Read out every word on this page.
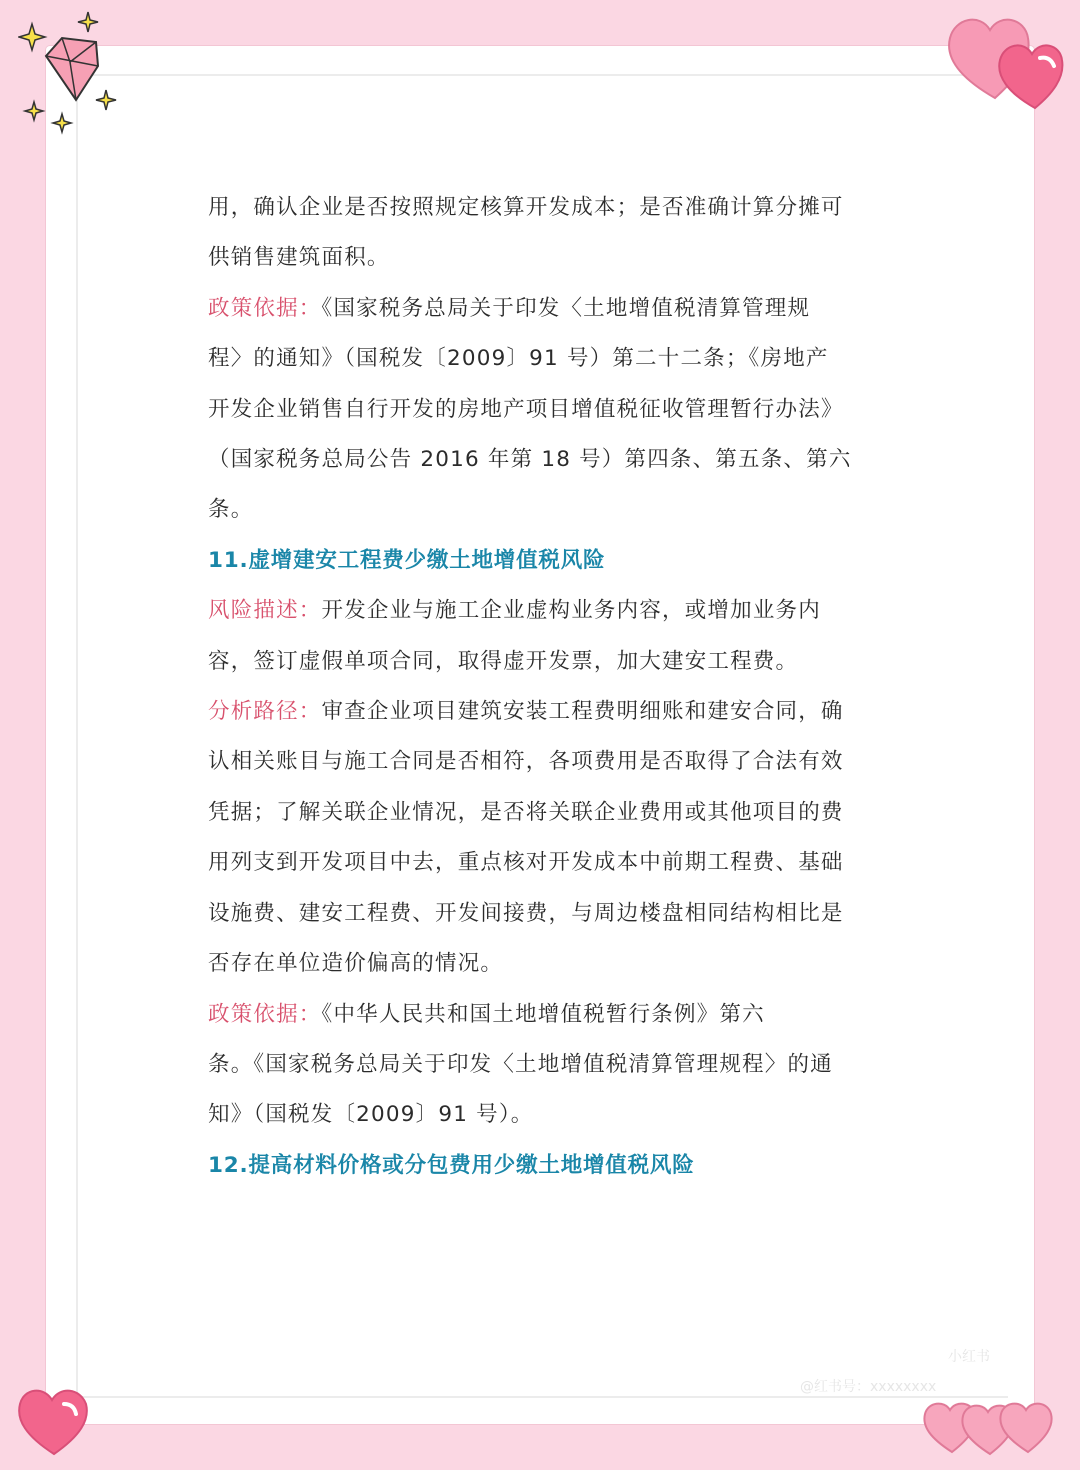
用，确认企业是否按照规定核算开发成本；是否准确计算分摊可

供销售建筑面积。

政策依据：《国家税务总局关于印发〈土地增值税清算管理规

程〉的通知》（国税发〔2009〕91 号）第二十二条；《房地产

开发企业销售自行开发的房地产项目增值税征收管理暂行办法》

（国家税务总局公告 2016 年第 18 号）第四条、第五条、第六

条。

11.虚增建安工程费少缴土地增值税风险

风险描述：开发企业与施工企业虚构业务内容，或增加业务内

容，签订虚假单项合同，取得虚开发票，加大建安工程费。

分析路径：审查企业项目建筑安装工程费明细账和建安合同，确

认相关账目与施工合同是否相符，各项费用是否取得了合法有效

凭据；了解关联企业情况，是否将关联企业费用或其他项目的费

用列支到开发项目中去，重点核对开发成本中前期工程费、基础

设施费、建安工程费、开发间接费，与周边楼盘相同结构相比是

否存在单位造价偏高的情况。

政策依据：《中华人民共和国土地增值税暂行条例》第六

条。《国家税务总局关于印发〈土地增值税清算管理规程〉的通

知》（国税发〔2009〕91 号）。

12.提高材料价格或分包费用少缴土地增值税风险

小红书
@红书号：xxxxxxxx
